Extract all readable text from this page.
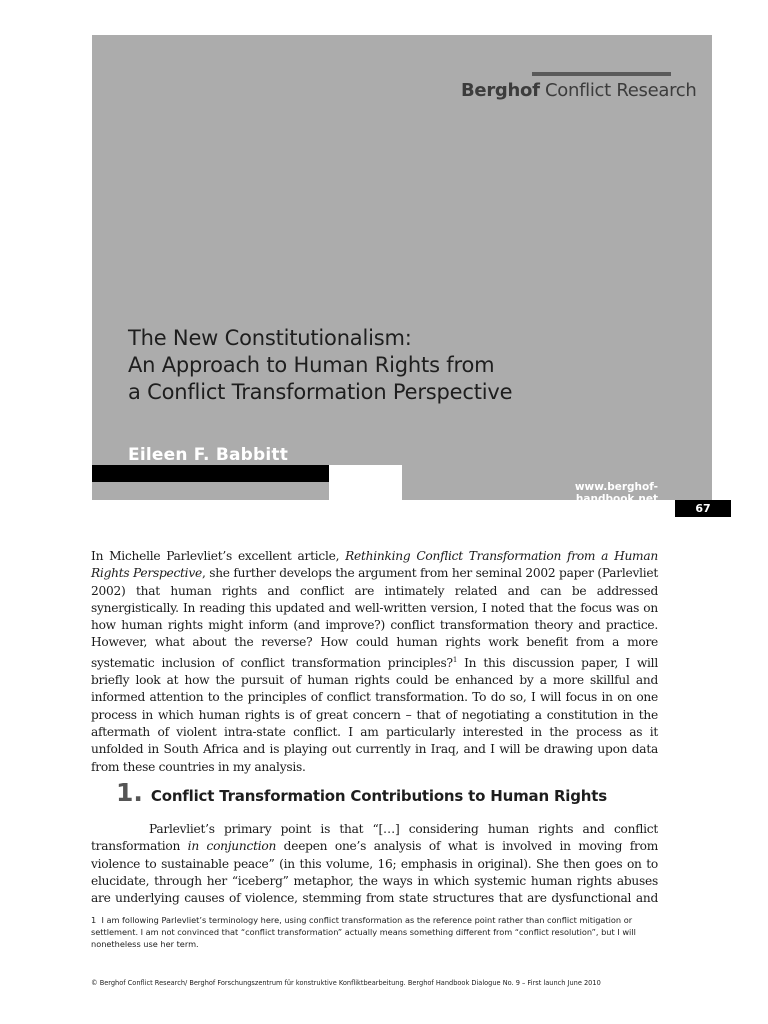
Berghof Conflict Research
The New Constitutionalism:
An Approach to Human Rights from
a Conflict Transformation Perspective
Eileen F. Babbitt
www.berghof-handbook.net
67

In Michelle Parlevliet’s excellent article, Rethinking Conflict Transformation from a Human Rights Perspective, she further develops the argument from her seminal 2002 paper (Parlevliet 2002) that human rights and conflict are intimately related and can be addressed synergistically. In reading this updated and well-written version, I noted that the focus was on how human rights might inform (and improve?) conflict transformation theory and practice. However, what about the reverse? How could human rights work benefit from a more systematic inclusion of conflict transformation principles?$^1$ In this discussion paper, I will briefly look at how the pursuit of human rights could be enhanced by a more skillful and informed attention to the principles of conflict transformation. To do so, I will focus in on one process in which human rights is of great concern – that of negotiating a constitution in the aftermath of violent intra-state conflict. I am particularly interested in the process as it unfolded in South Africa and is playing out currently in Iraq, and I will be drawing upon data from these countries in my analysis.

1. Conflict Transformation Contributions to Human Rights

Parlevliet’s primary point is that “[…] considering human rights and conflict transformation in conjunction deepen one’s analysis of what is involved in moving from violence to sustainable peace” (in this volume, 16; emphasis in original). She then goes on to elucidate, through her “iceberg” metaphor, the ways in which systemic human rights abuses are underlying causes of violence, stemming from state structures that are dysfunctional and

1 I am following Parlevliet’s terminology here, using conflict transformation as the reference point rather than conflict mitigation or settlement. I am not convinced that “conflict transformation” actually means something different from “conflict resolution”, but I will nonetheless use her term.

© Berghof Conflict Research/ Berghof Forschungszentrum für konstruktive Konfliktbearbeitung. Berghof Handbook Dialogue No. 9 – First launch June 2010
